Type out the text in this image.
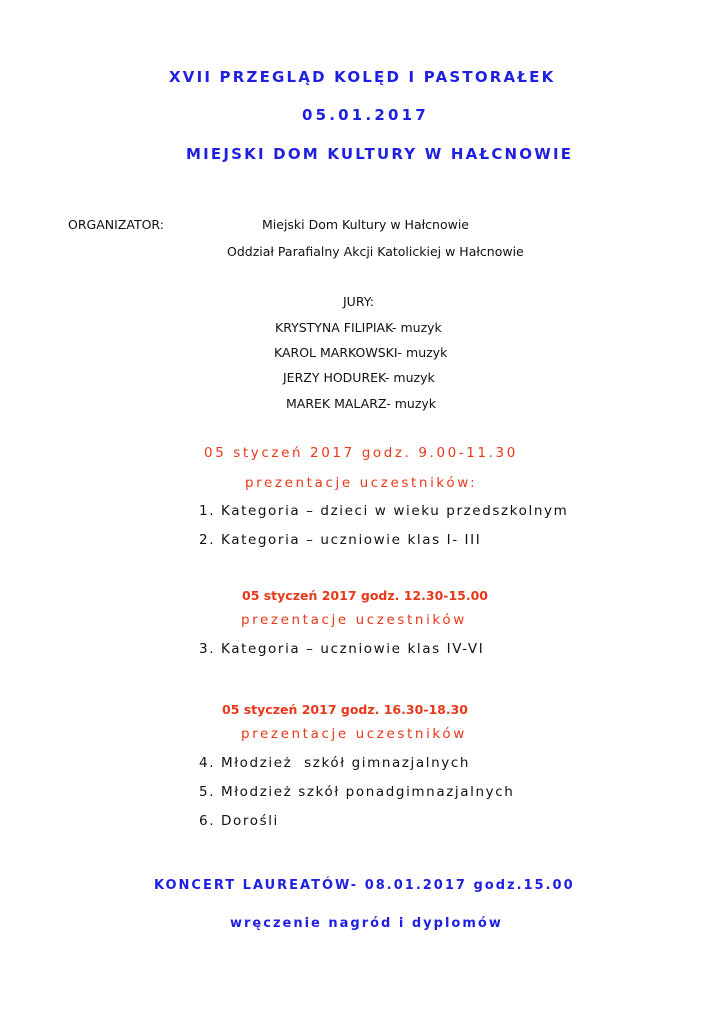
XVII PRZEGLĄD KOLĘD I PASTORAŁEK
05.01.2017
MIEJSKI DOM KULTURY W HAŁCNOWIE
ORGANIZATOR:	Miejski Dom Kultury w Hałcnowie
Oddział Parafialny Akcji Katolickiej w Hałcnowie
JURY:
KRYSTYNA FILIPIAK- muzyk
KAROL MARKOWSKI- muzyk
JERZY HODUREK- muzyk
MAREK MALARZ- muzyk
05 styczeń 2017 godz. 9.00-11.30
prezentacje uczestników:
1. Kategoria – dzieci w wieku przedszkolnym
2. Kategoria – uczniowie klas I- III
05 styczeń 2017 godz. 12.30-15.00
prezentacje uczestników
3. Kategoria – uczniowie klas IV-VI
05 styczeń 2017 godz. 16.30-18.30
prezentacje uczestników
4. Młodzież  szkół gimnazjalnych
5. Młodzież szkół ponadgimnazjalnych
6. Dorośli
KONCERT LAUREATÓW- 08.01.2017 godz.15.00
wręczenie nagród i dyplomów
